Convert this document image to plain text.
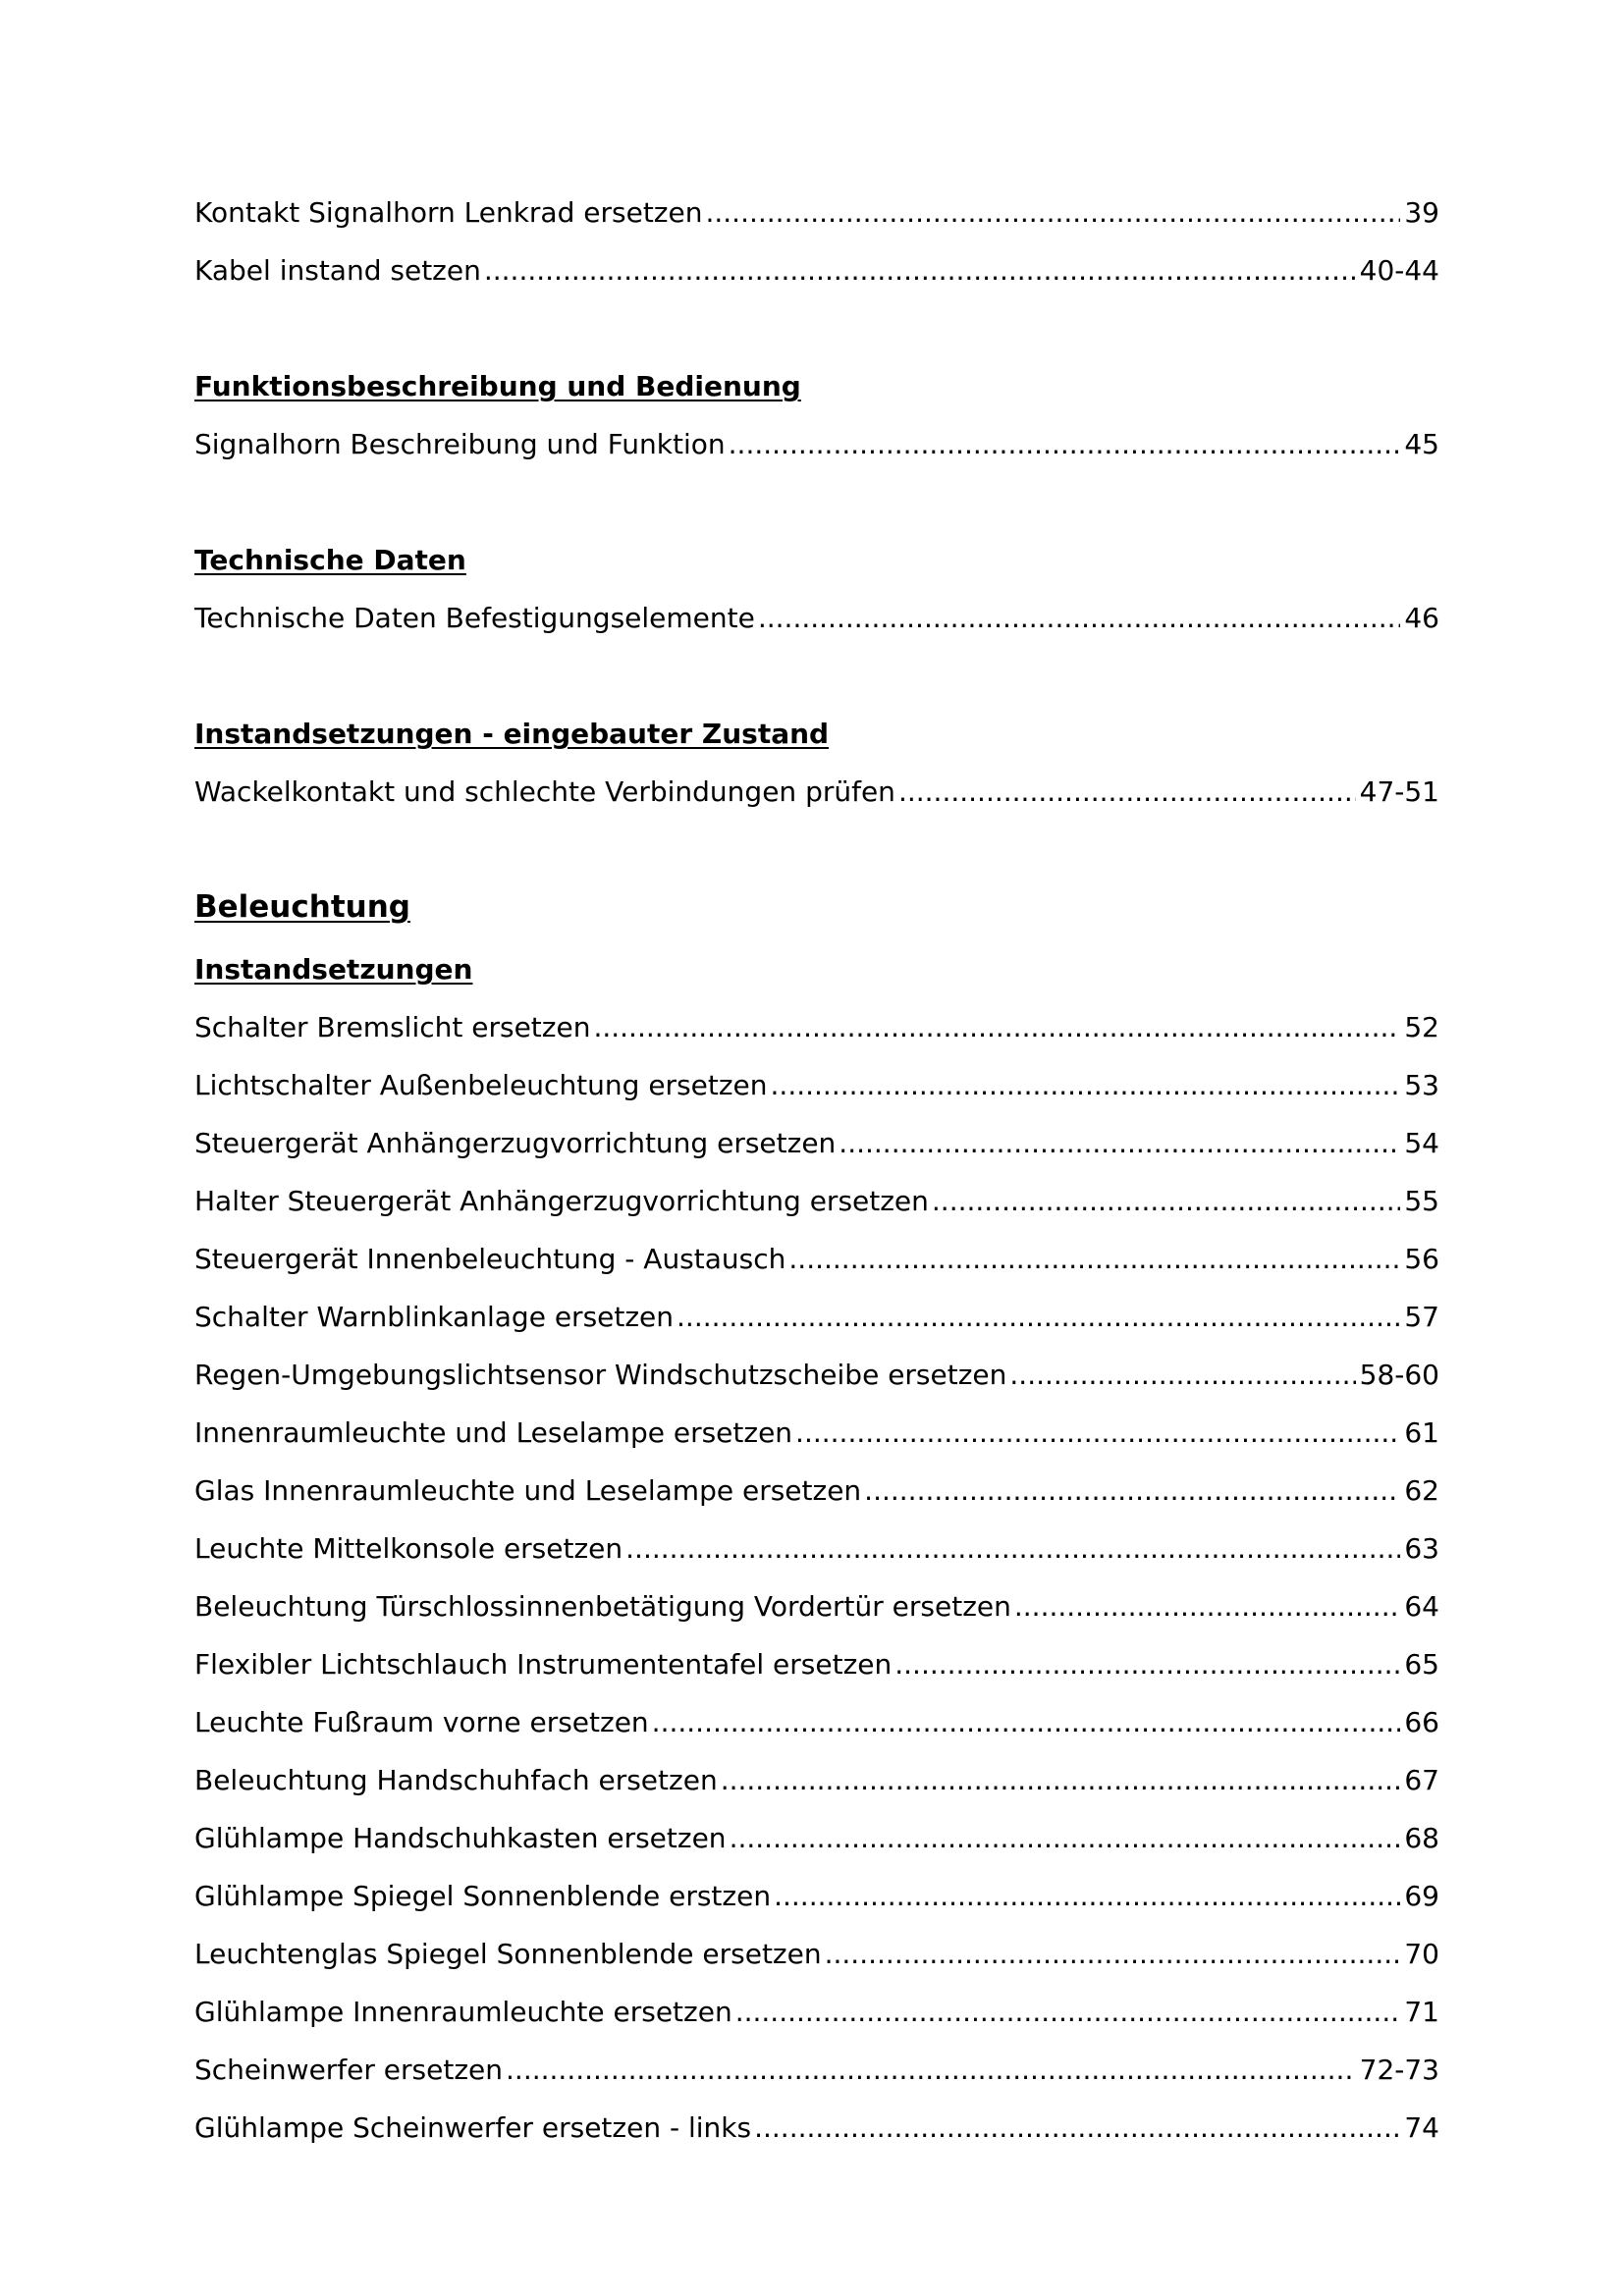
Kontakt Signalhorn Lenkrad ersetzen .....	39
Kabel instand setzen .....	40-44
Funktionsbeschreibung und Bedienung
Signalhorn Beschreibung und Funktion .....	45
Technische Daten
Technische Daten Befestigungselemente .....	46
Instandsetzungen - eingebauter Zustand
Wackelkontakt und schlechte Verbindungen prüfen .....	47-51
Beleuchtung
Instandsetzungen
Schalter Bremslicht ersetzen .....	52
Lichtschalter Außenbeleuchtung ersetzen .....	53
Steuergerät Anhängerzugvorrichtung ersetzen .....	54
Halter Steuergerät Anhängerzugvorrichtung ersetzen .....	55
Steuergerät Innenbeleuchtung - Austausch .....	56
Schalter Warnblinkanlage ersetzen .....	57
Regen-Umgebungslichtsensor Windschutzscheibe ersetzen .....	58-60
Innenraumleuchte und Leselampe ersetzen .....	61
Glas Innenraumleuchte und Leselampe ersetzen .....	62
Leuchte Mittelkonsole ersetzen .....	63
Beleuchtung Türschlossinnenbetätigung Vordertür ersetzen .....	64
Flexibler Lichtschlauch Instrumententafel ersetzen .....	65
Leuchte Fußraum vorne ersetzen .....	66
Beleuchtung Handschuhfach ersetzen .....	67
Glühlampe Handschuhkasten ersetzen .....	68
Glühlampe Spiegel Sonnenblende erstzen .....	69
Leuchtenglas Spiegel Sonnenblende ersetzen .....	70
Glühlampe Innenraumleuchte ersetzen .....	71
Scheinwerfer ersetzen .....	72-73
Glühlampe Scheinwerfer ersetzen - links .....	74
